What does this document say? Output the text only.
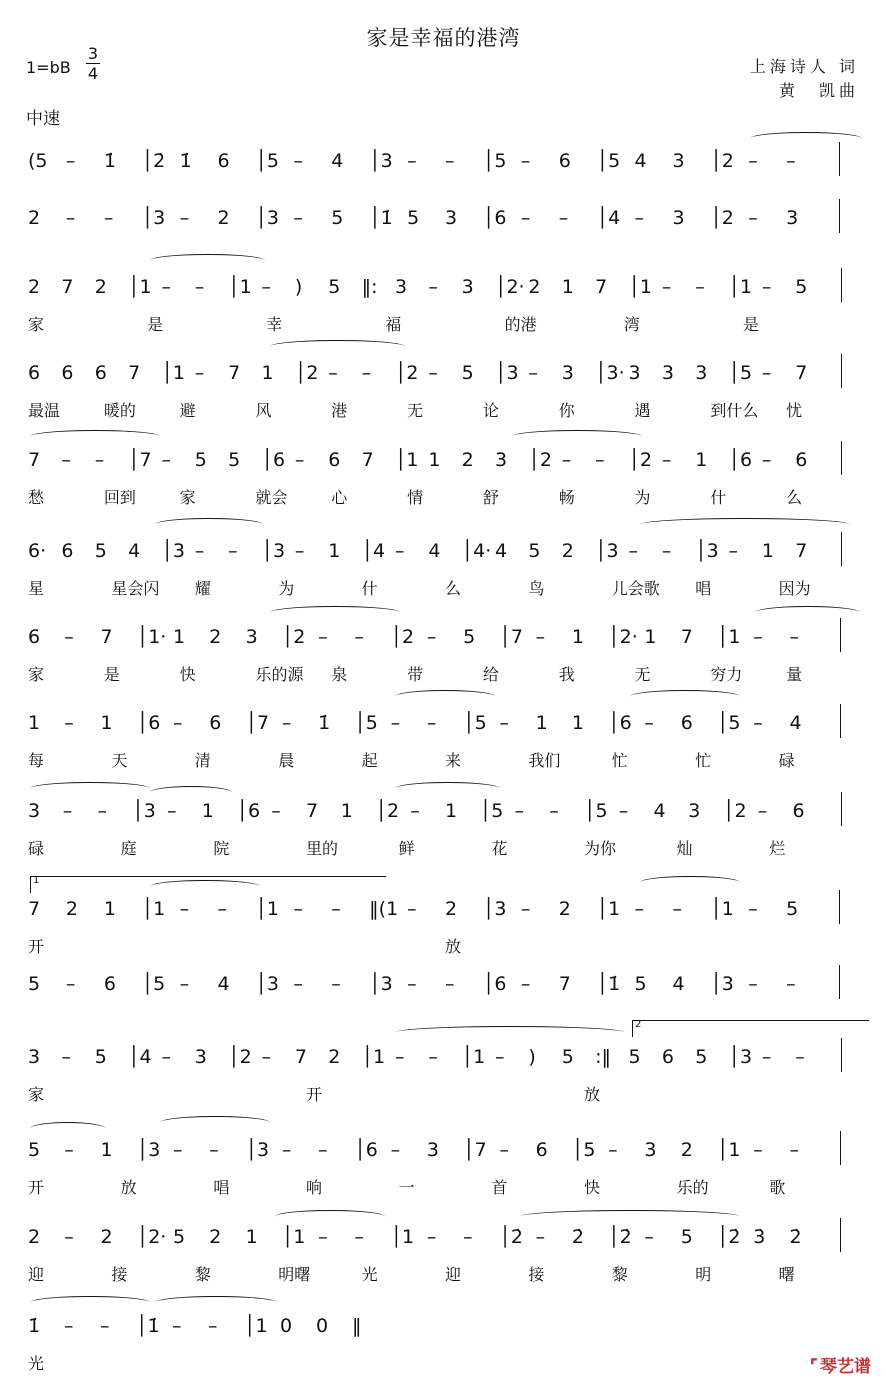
家是幸福的港湾
1=bB
3
4	上海诗人 词
黄　凯曲
中速
(5 – 1̇ │2̇ 1̇ 6 │5 – 4 │3 – – │5 – 6 │5 4 3 │2 – –
2 – – │3 – 2 │3 – 5 │1̇ 5 3 │6 – – │4 – 3 │2 – 3
2 7 2 │1 – – │1 – ) 5 ‖: 3 – 3 │2· 2 1 7 │1 – – │1 – 5
家	是	幸	福	的港	湾	是
6 6 6 7 │1 – 7 1 │2 – – │2 – 5 │3 – 3 │3· 3 3 3 │5 – 7
最温	暖的	避	风	港	无	论	你	遇	到什么 忧
7 – – │7 – 5 5 │6 – 6 7 │1 1 2 3 │2 – – │2 – 1 │6 – 6
愁	回到	家	就会	心	情	舒	畅	为	什	么
6· 6 5 4 │3 – – │3 – 1 │4 – 4 │4· 4 5 2 │3 – – │3 – 1 7
星	星会闪 耀	为	什	么	鸟	儿会歌 唱	因为
6 – 7 │1· 1 2 3 │2 – – │2 – 5 │7 – 1 │2· 1 7 │1 – –
家	是	快	乐的源 泉	带	给	我	无	穷力	量
1 – 1 │6 – 6 │7 – 1̇ │5 – – │5 – 1 1 │6 – 6 │5 – 4
每	天	清	晨	起	来	我们	忙	忙	碌
3 – – │3 – 1 │6 – 7 1 │2 – 1 │5 – – │5 – 4 3 │2 – 6
碌	庭	院	里的	鲜	花	为你	灿	烂
7 2 1 │1 – – │1 – – ‖(1 – 2 │3 – 2 │1 – – │1 – 5
开	放
5 – 6 │5 – 4 │3 – – │3 – – │6 – 7 │1̇ 5 4 │3 – –
3 – 5 │4 – 3 │2 – 7 2 │1 – – │1 – ) 5 :‖ 5 6 5 │3 – –
家	开	放
5 – 1 │3 – – │3 – – │6 – 3 │7 – 6 │5 – 3 2 │1 – –
开	放	唱	响	一	首	快	乐的	歌
2 – 2 │2· 5 2 1 │1 – – │1 – – │2̇ – 2̇ │2̇ – 5 │2̇ 3̇ 2̇
迎	接	黎	明曙	光	迎	接	黎	明	曙
1̇ – – │1̇ – – │1 0 0 ‖
光
1
2
⌜ 琴艺谱
